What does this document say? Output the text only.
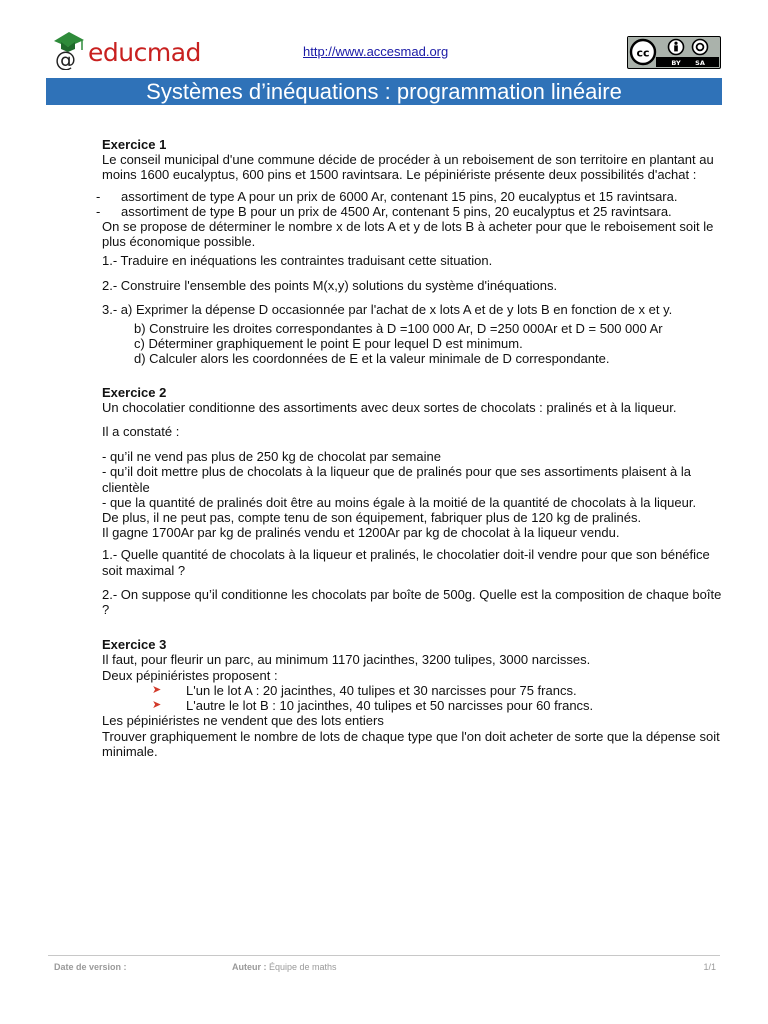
@ educmad	http://www.accesmad.org	cc
BY SA
Systèmes d’inéquations : programmation linéaire

Exercice 1

Le conseil municipal d'une commune décide de procéder à un reboisement de son territoire en plantant au moins 1600 eucalyptus, 600 pins et 1500 ravintsara. Le pépiniériste présente deux possibilités d'achat :

- assortiment de type A pour un prix de 6000 Ar, contenant 15 pins, 20 eucalyptus et 15 ravintsara.
- assortiment de type B pour un prix de 4500 Ar, contenant 5 pins, 20 eucalyptus et 25 ravintsara.

On se propose de déterminer le nombre x de lots A et y de lots B à acheter pour que le reboisement soit le plus économique possible.

1.- Traduire en inéquations les contraintes traduisant cette situation.

2.- Construire l'ensemble des points M(x,y) solutions du système d'inéquations.

3.- a) Exprimer la dépense D occasionnée par l'achat de x lots A et de y lots B en fonction de x et y.

b) Construire les droites correspondantes à D =100 000 Ar, D =250 000Ar et D = 500 000 Ar

c) Déterminer graphiquement le point E pour lequel D est minimum.

d) Calculer alors les coordonnées de E et la valeur minimale de D correspondante.

Exercice 2

Un chocolatier conditionne des assortiments avec deux sortes de chocolats : pralinés et à la liqueur.

Il a constaté :

- qu’il ne vend pas plus de 250 kg de chocolat par semaine

- qu’il doit mettre plus de chocolats à la liqueur que de pralinés pour que ses assortiments plaisent à la clientèle

- que la quantité de pralinés doit être au moins égale à la moitié de la quantité de chocolats à la liqueur.

De plus, il ne peut pas, compte tenu de son équipement, fabriquer plus de 120 kg de pralinés.

Il gagne 1700Ar par kg de pralinés vendu et 1200Ar par kg de chocolat à la liqueur vendu.

1.- Quelle quantité de chocolats à la liqueur et pralinés, le chocolatier doit-il vendre pour que son bénéfice soit maximal ?

2.- On suppose qu’il conditionne les chocolats par boîte de 500g. Quelle est la composition de chaque boîte ?

Exercice 3

Il faut, pour fleurir un parc, au minimum 1170 jacinthes, 3200 tulipes, 3000 narcisses.

Deux pépiniéristes proposent :

➤ L'un le lot A : 20 jacinthes, 40 tulipes et 30 narcisses pour 75 francs.
➤ L'autre le lot B : 10 jacinthes, 40 tulipes et 50 narcisses pour 60 francs.

Les pépiniéristes ne vendent que des lots entiers

Trouver graphiquement le nombre de lots de chaque type que l'on doit acheter de sorte que la dépense soit minimale.

Date de version :	Auteur : Équipe de maths	1/1
